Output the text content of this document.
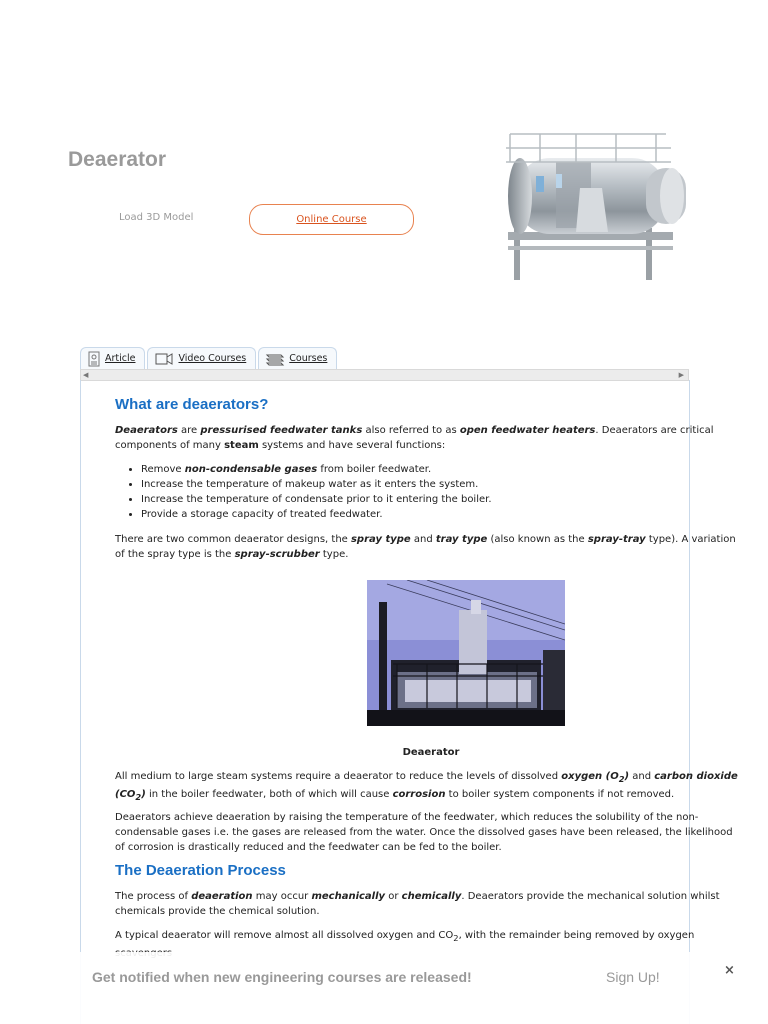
Deaerator
Load 3D Model	Online Course
Article	Video Courses	Courses
◀	▶
What are deaerators?

Deaerators are pressurised feedwater tanks also referred to as open feedwater heaters. Deaerators are critical components of many steam systems and have several functions:

• Remove non-condensable gases from boiler feedwater.
• Increase the temperature of makeup water as it enters the system.
• Increase the temperature of condensate prior to it entering the boiler.
• Provide a storage capacity of treated feedwater.

There are two common deaerator designs, the spray type and tray type (also known as the spray-tray type). A variation of the spray type is the spray-scrubber type.

Deaerator

All medium to large steam systems require a deaerator to reduce the levels of dissolved oxygen $(O_2)$ and carbon dioxide $(CO_2)$ in the boiler feedwater, both of which will cause corrosion to boiler system components if not removed.

Deaerators achieve deaeration by raising the temperature of the feedwater, which reduces the solubility of the non-condensable gases i.e. the gases are released from the water. Once the dissolved gases have been released, the likelihood of corrosion is drastically reduced and the feedwater can be fed to the boiler.

The Deaeration Process

The process of deaeration may occur mechanically or chemically. Deaerators provide the mechanical solution whilst chemicals provide the chemical solution.

A typical deaerator will remove almost all dissolved oxygen and $CO_2$, with the remainder being removed by oxygen

Get notified when new engineering courses are released!	Sign Up!	×
